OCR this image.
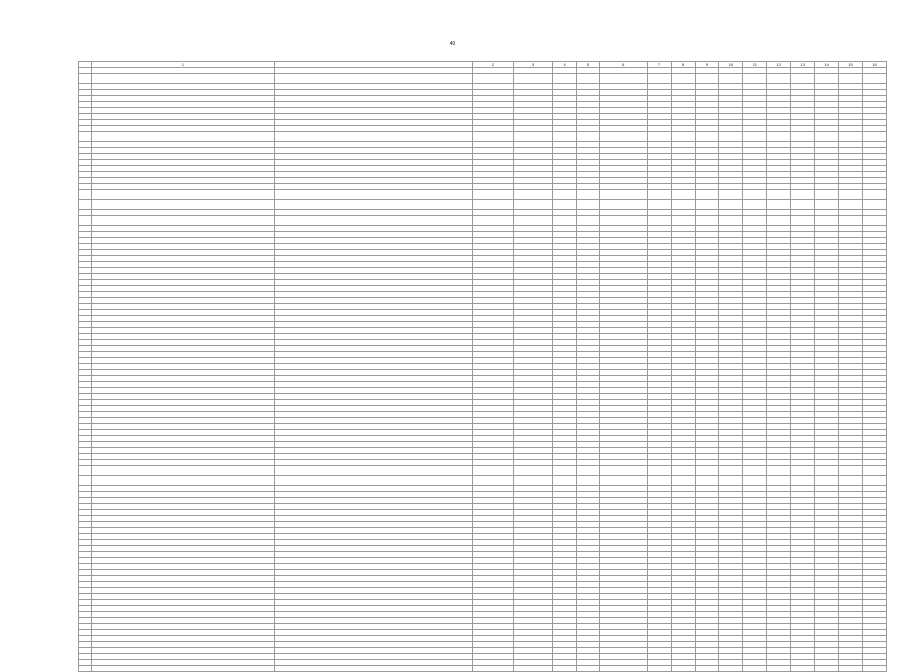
40
	1		2	3	4	5	6	7	8	9	10	11	12	13	14	15	16
